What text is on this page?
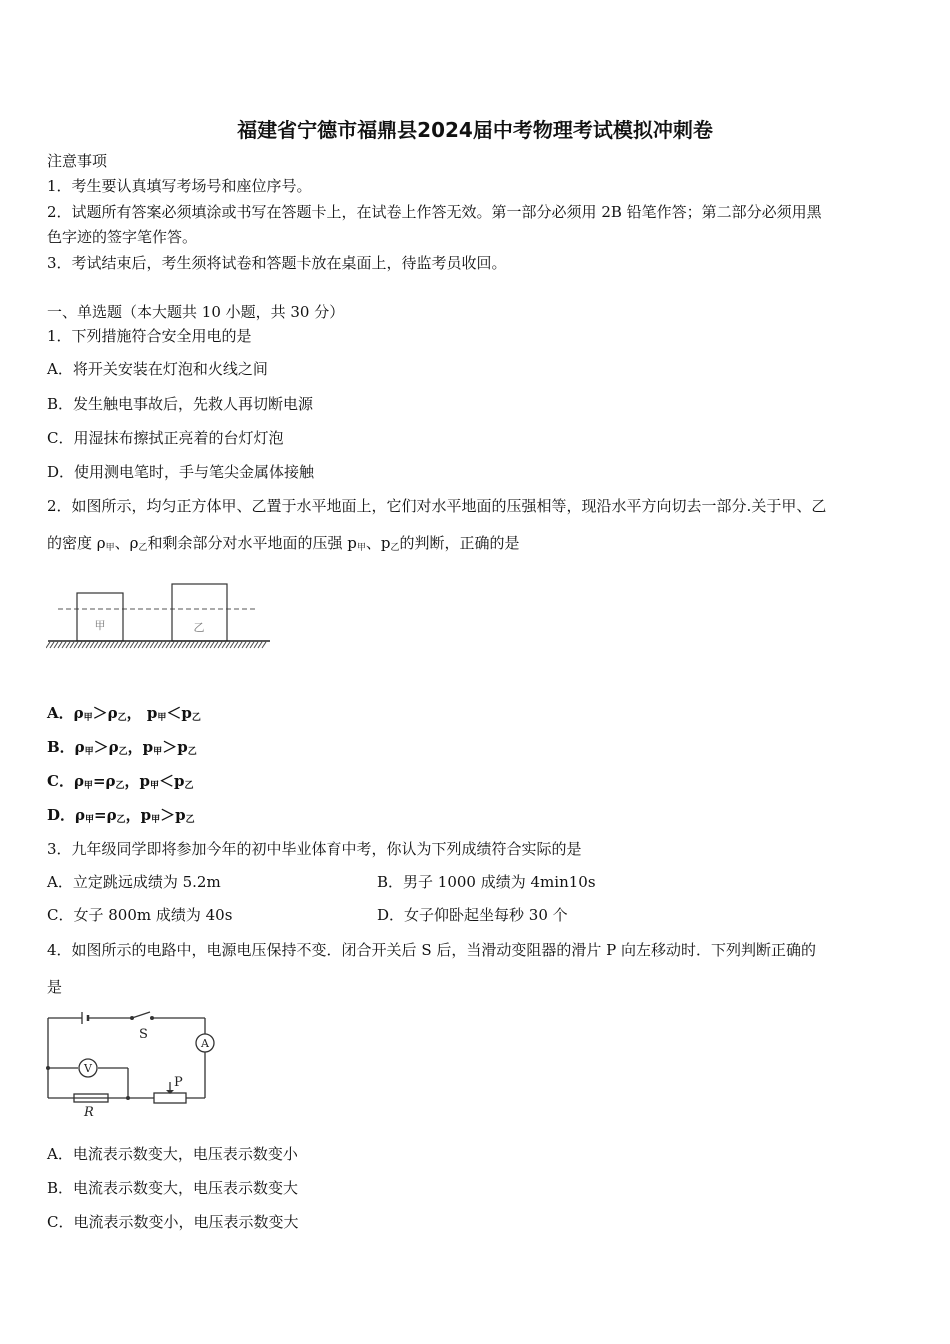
福建省宁德市福鼎县2024届中考物理考试模拟冲刺卷
注意事项
1．考生要认真填写考场号和座位序号。
2．试题所有答案必须填涂或书写在答题卡上，在试卷上作答无效。第一部分必须用 2B 铅笔作答；第二部分必须用黑
色字迹的签字笔作答。
3．考试结束后，考生须将试卷和答题卡放在桌面上，待监考员收回。
一、单选题（本大题共 10 小题，共 30 分）
1．下列措施符合安全用电的是
A．将开关安装在灯泡和火线之间
B．发生触电事故后，先救人再切断电源
C．用湿抹布擦拭正亮着的台灯灯泡
D．使用测电笔时，手与笔尖金属体接触
2．如图所示，均匀正方体甲、乙置于水平地面上，它们对水平地面的压强相等，现沿水平方向切去一部分.关于甲、乙
的密度 $\rho_甲$、$\rho_乙$和剩余部分对水平地面的压强 $p_甲$、$p_乙$的判断，正确的是
甲	乙
A．$\rho_甲>\rho_乙$， $p_甲<p_乙$
B．$\rho_甲>\rho_乙$，$p_甲>p_乙$
C．$\rho_甲=\rho_乙$，$p_甲<p_乙$
D．$\rho_甲=\rho_乙$，$p_甲>p_乙$
3．九年级同学即将参加今年的初中毕业体育中考，你认为下列成绩符合实际的是
A．立定跳远成绩为 5.2m	B．男子 1000 成绩为 4min10s
C．女子 800m 成绩为 40s	D．女子仰卧起坐每秒 30 个
4．如图所示的电路中，电源电压保持不变．闭合开关后 S 后，当滑动变阻器的滑片 P 向左移动时．下列判断正确的
是
S
A
V
P
R
A．电流表示数变大，电压表示数变小
B．电流表示数变大，电压表示数变大
C．电流表示数变小，电压表示数变大
